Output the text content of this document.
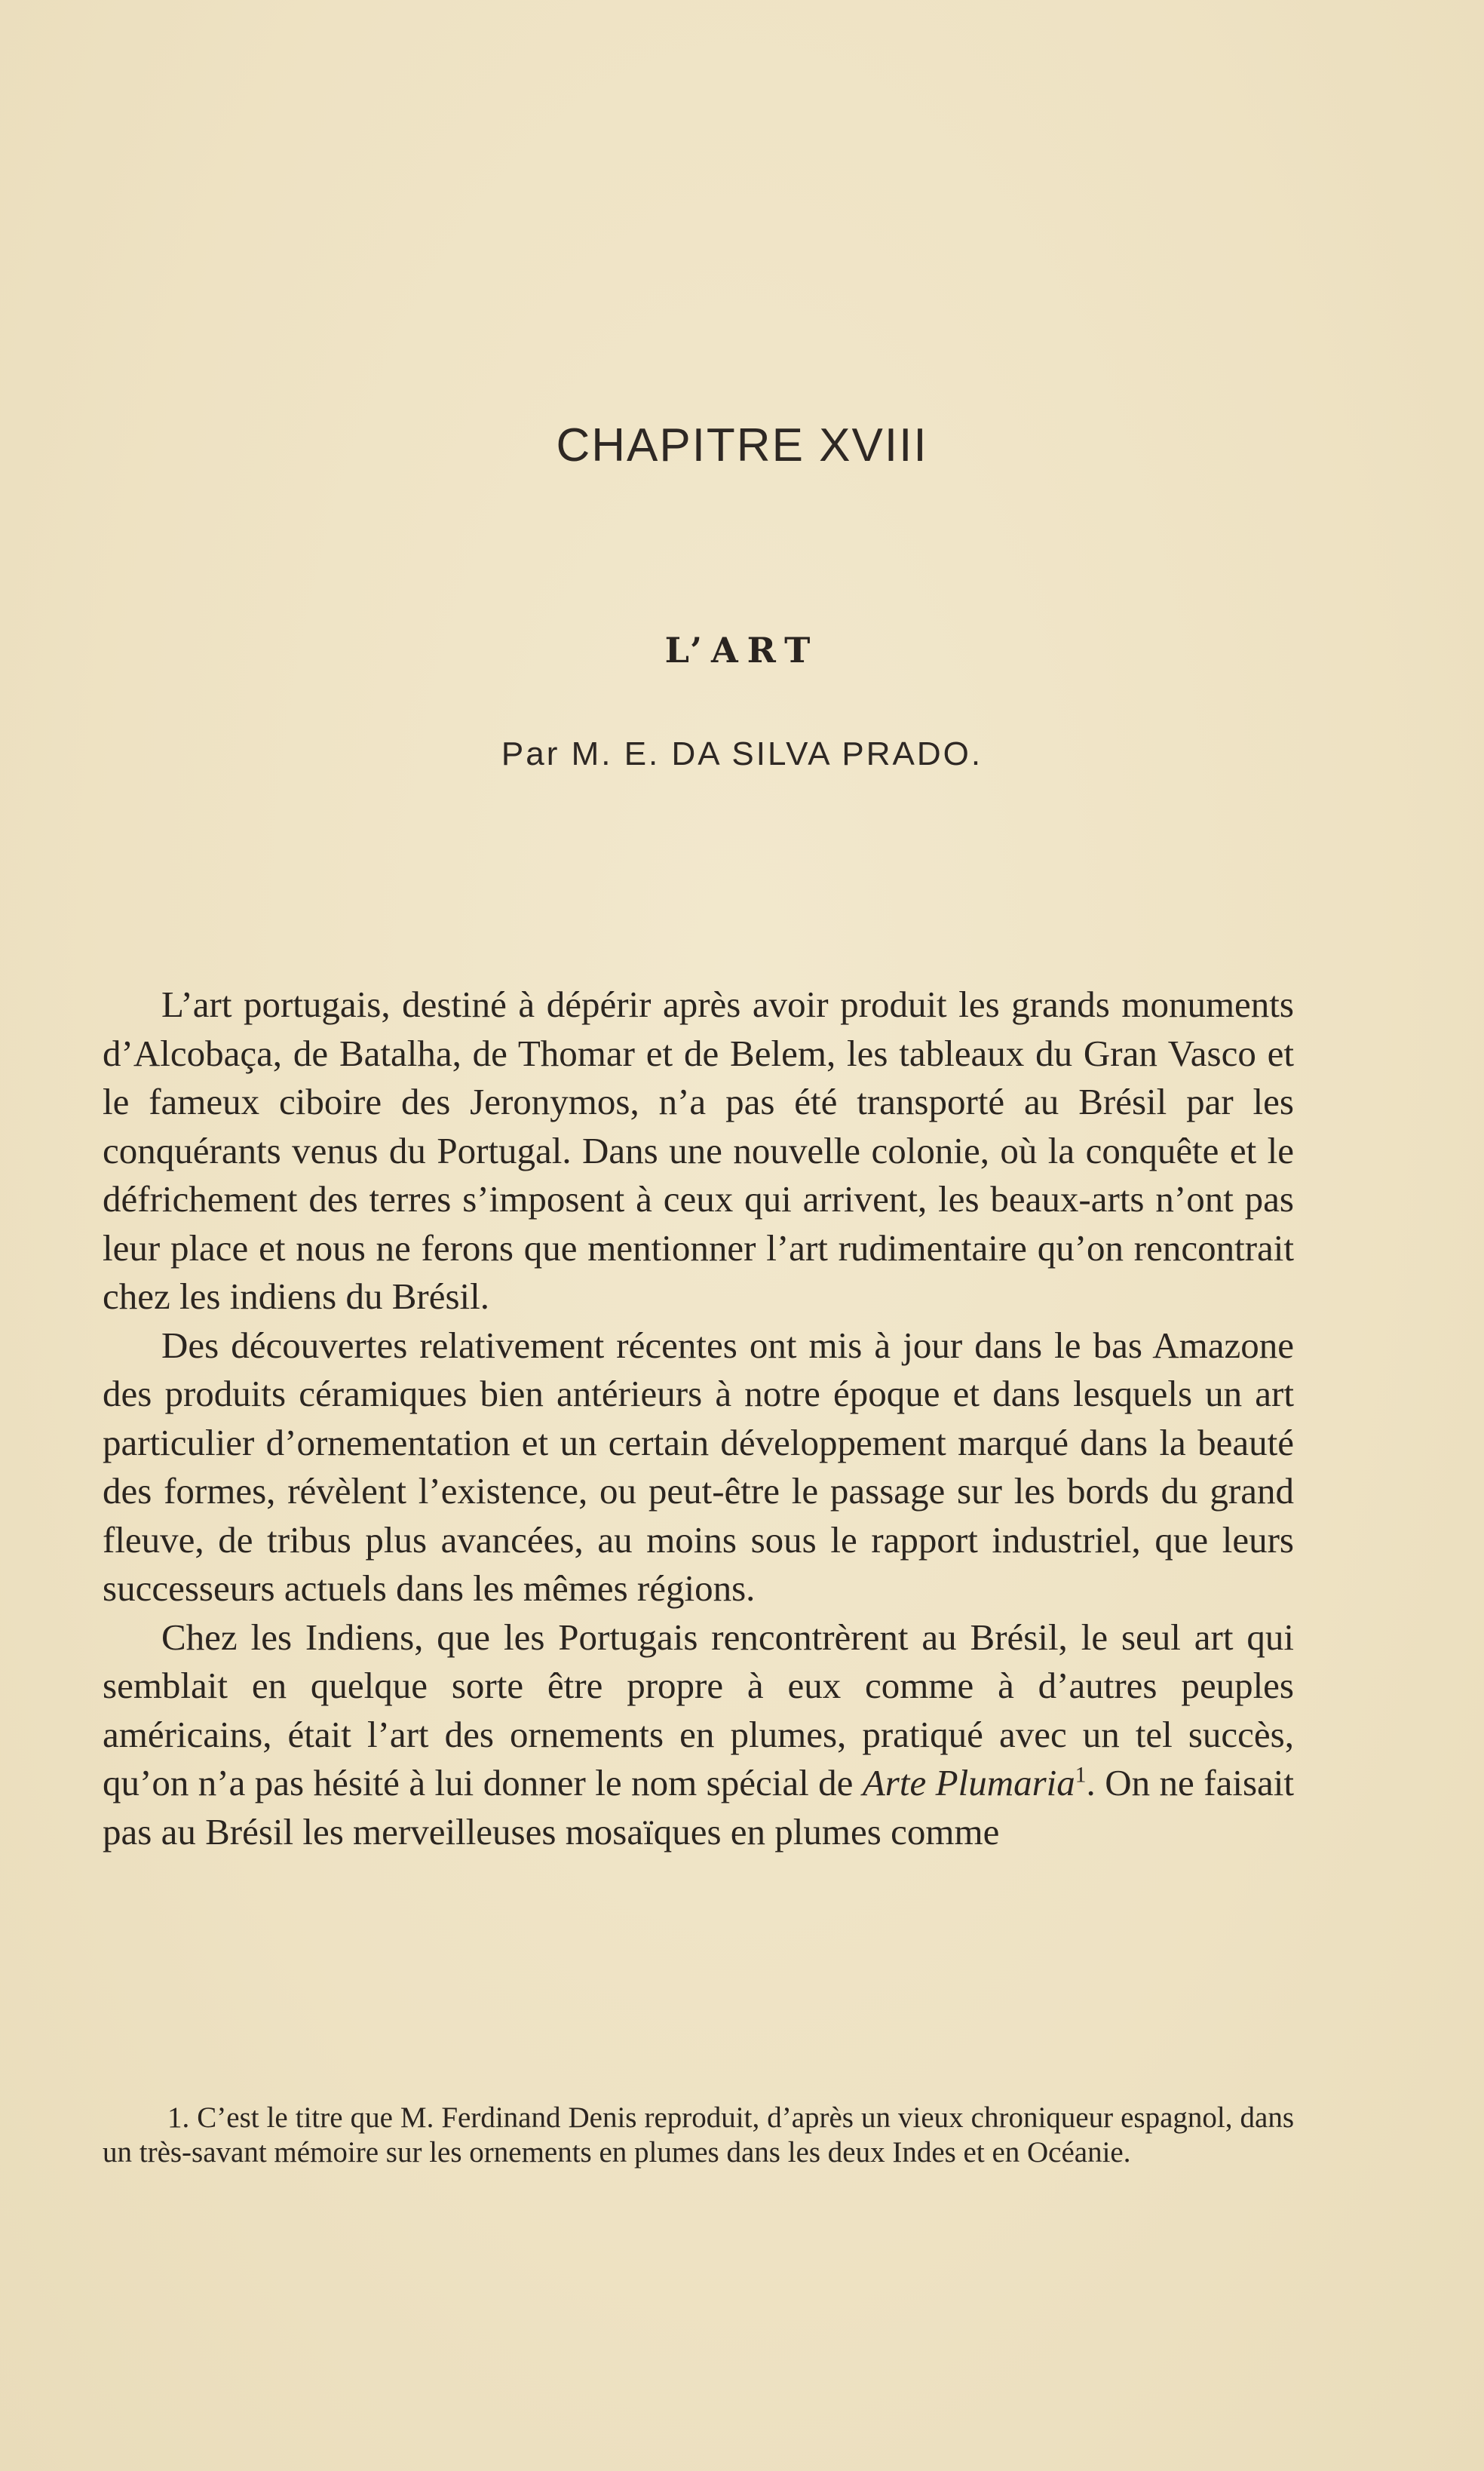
CHAPITRE XVIII
L’ART
Par M. E. DA SILVA PRADO.

L’art portugais, destiné à dépérir après avoir produit les grands monuments d’Alcobaça, de Batalha, de Thomar et de Belem, les tableaux du Gran Vasco et le fameux ciboire des Jeronymos, n’a pas été transporté au Brésil par les conquérants venus du Portugal. Dans une nouvelle colonie, où la conquête et le défrichement des terres s’imposent à ceux qui arrivent, les beaux-arts n’ont pas leur place et nous ne ferons que mentionner l’art rudimentaire qu’on rencontrait chez les indiens du Brésil.

Des découvertes relativement récentes ont mis à jour dans le bas Amazone des produits céramiques bien antérieurs à notre époque et dans lesquels un art particulier d’ornementation et un certain développement marqué dans la beauté des formes, révèlent l’existence, ou peut-être le passage sur les bords du grand fleuve, de tribus plus avancées, au moins sous le rapport industriel, que leurs successeurs actuels dans les mêmes régions.

Chez les Indiens, que les Portugais rencontrèrent au Brésil, le seul art qui semblait en quelque sorte être propre à eux comme à d’autres peuples américains, était l’art des ornements en plumes, pratiqué avec un tel succès, qu’on n’a pas hésité à lui donner le nom spécial de Arte Plumaria$^1$. On ne faisait pas au Brésil les merveilleuses mosaïques en plumes comme

1. C’est le titre que M. Ferdinand Denis reproduit, d’après un vieux chroniqueur espagnol, dans un très-savant mémoire sur les ornements en plumes dans les deux Indes et en Océanie.
